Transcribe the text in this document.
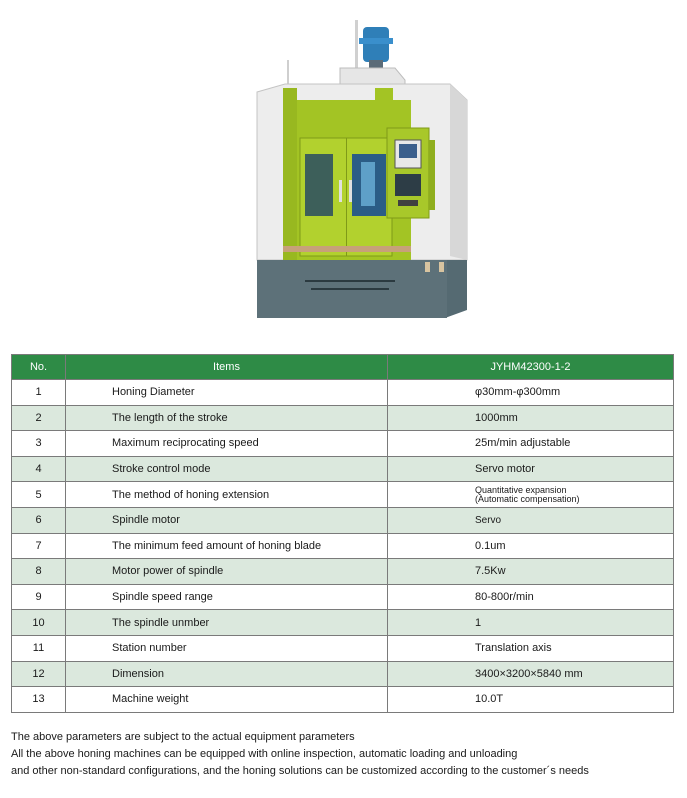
No.	Items	JYHM42300-1-2
1	Honing Diameter	φ30mm-φ300mm
2	The length of the stroke	1000mm
3	Maximum reciprocating speed	25m/min adjustable
4	Stroke control mode	Servo motor
5	The method of honing extension	Quantitative expansion
(Automatic compensation)

6	Spindle motor	Servo
7	The minimum feed amount of honing blade	0.1um
8	Motor power of spindle	7.5Kw
9	Spindle speed range	80-800r/min
10	The spindle unmber	1
11	Station number	Translation axis
12	Dimension	3400×3200×5840 mm
13	Machine weight	10.0T

The above parameters are subject to the actual equipment parameters

All the above honing machines can be equipped with online inspection, automatic loading and unloading

and other non-standard configurations, and the honing solutions can be customized according to the customer´s needs
